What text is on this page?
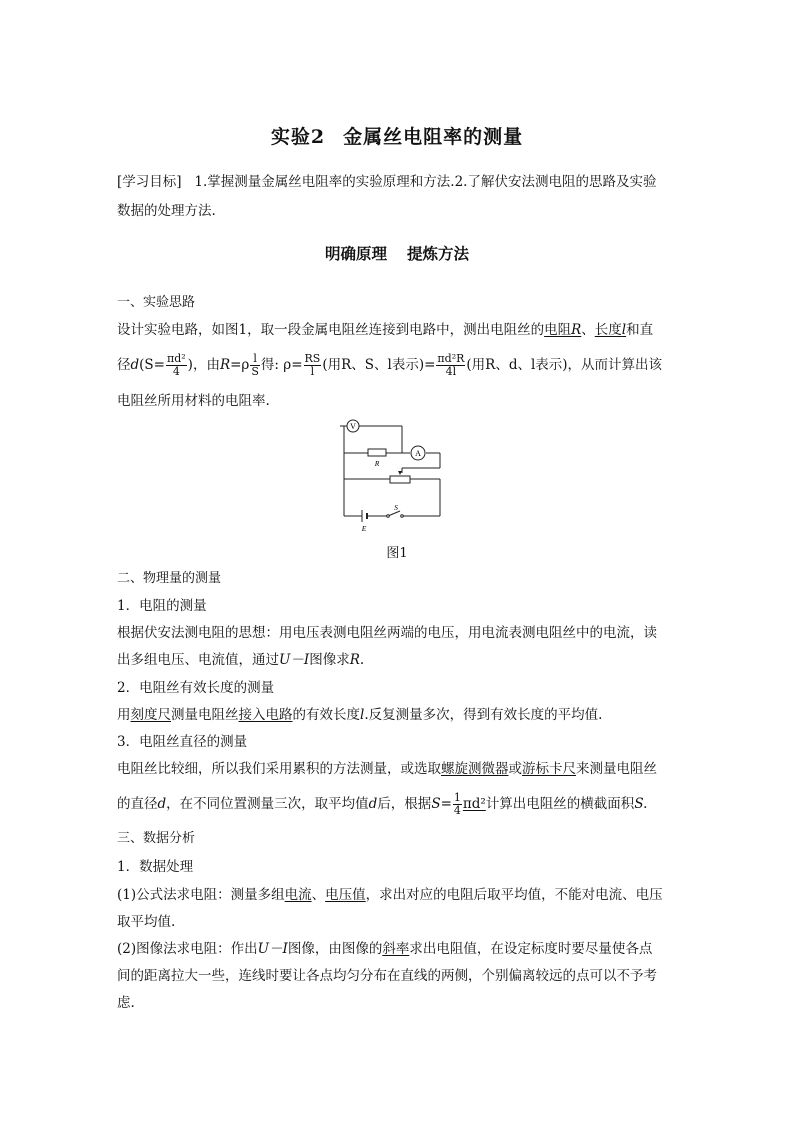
实验2 金属丝电阻率的测量
[学习目标] 1.掌握测量金属丝电阻率的实验原理和方法.2.了解伏安法测电阻的思路及实验
数据的处理方法.
明确原理 提炼方法
一、实验思路
设计实验电路，如图1，取一段金属电阻丝连接到电路中，测出电阻丝的电阻R、长度l和直
径$d(S= \frac{\text{πd²}}{4}$ )，由$R=\rho \frac{l}{S}$ 得: $\rho= \frac{RS}{l}$ (用R、S、l表示)= $\frac{\text{πd²R}}{4l}$ (用R、d、l表示)，从而计算出该
电阻丝所用材料的电阻率.
V
R
A
E
S
图1
二、物理量的测量
1．电阻的测量
根据伏安法测电阻的思想：用电压表测电阻丝两端的电压，用电流表测电阻丝中的电流，读
出多组电压、电流值，通过U－I图像求R.
2．电阻丝有效长度的测量
用刻度尺测量电阻丝接入电路的有效长度l.反复测量多次，得到有效长度的平均值.
3．电阻丝直径的测量
电阻丝比较细，所以我们采用累积的方法测量，或选取螺旋测微器或游标卡尺来测量电阻丝
的直径d，在不同位置测量三次，取平均值d后，根据$S= \frac{1}{4} \pi d^2$计算出电阻丝的横截面积S.
三、数据分析
1．数据处理
(1)公式法求电阻：测量多组电流、电压值，求出对应的电阻后取平均值，不能对电流、电压
取平均值.
(2)图像法求电阻：作出U－I图像，由图像的斜率求出电阻值，在设定标度时要尽量使各点
间的距离拉大一些，连线时要让各点均匀分布在直线的两侧，个别偏离较远的点可以不予考
虑.
